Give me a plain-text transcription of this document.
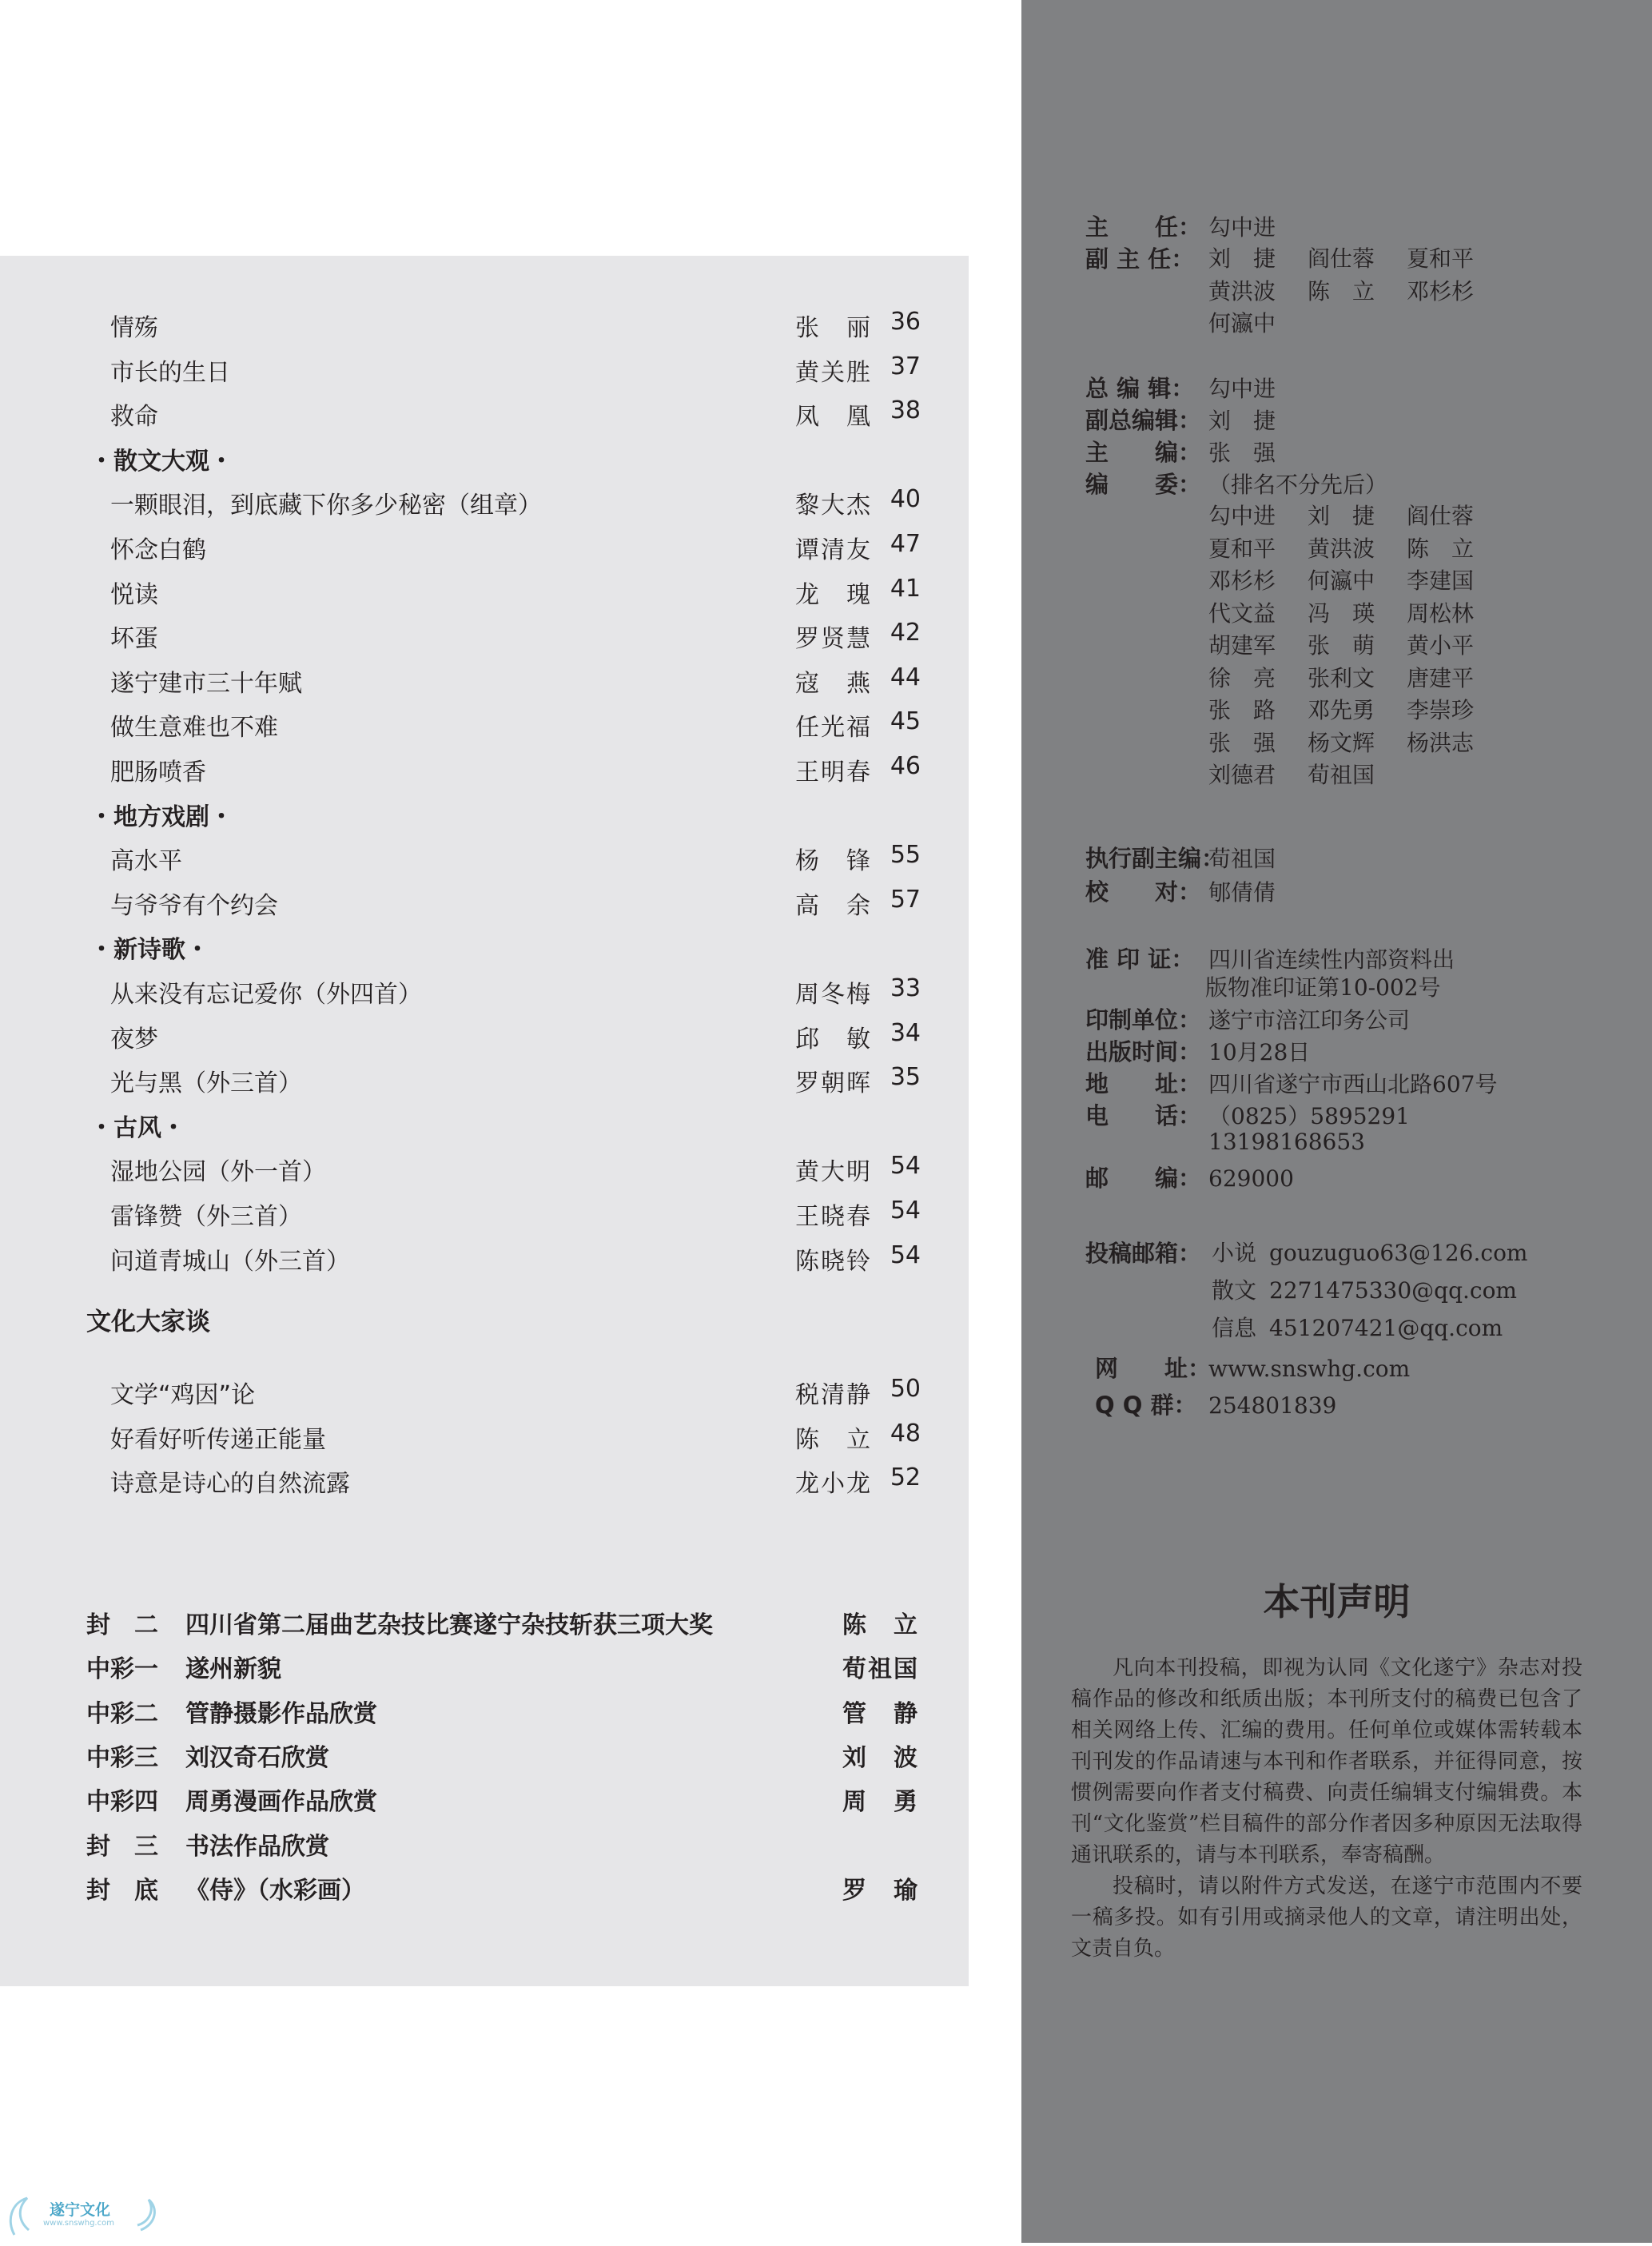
情殇	张　丽 36
市长的生日	黄关胜 37
救命	凤　凰 38
・散文大观・
一颗眼泪，到底藏下你多少秘密（组章）	黎大杰 40
怀念白鹤	谭清友 47
悦读	龙　瑰 41
坏蛋	罗贤慧 42
遂宁建市三十年赋	寇　燕 44
做生意难也不难	任光福 45
肥肠喷香	王明春 46
・地方戏剧・
高水平	杨　锋 55
与爷爷有个约会	高　余 57
・新诗歌・
从来没有忘记爱你（外四首）	周冬梅 33
夜梦	邱　敏 34
光与黑（外三首）	罗朝晖 35
・古风・
湿地公园（外一首）	黄大明 54
雷锋赞（外三首）	王晓春 54
问道青城山（外三首）	陈晓铃 54
文化大家谈
文学“鸡因”论	税清静 50
好看好听传递正能量	陈　立 48
诗意是诗心的自然流露	龙小龙 52
封　二 四川省第二届曲艺杂技比赛遂宁杂技斩获三项大奖	陈　立
中彩一 遂州新貌	荀祖国
中彩二 管静摄影作品欣赏	管　静
中彩三 刘汉奇石欣赏	刘　波
中彩四 周勇漫画作品欣赏	周　勇
封　三 书法作品欣赏
封　底 《侍》（水彩画）	罗　瑜
主　　任： 勾中进
副 主 任： 刘　捷 阎仕蓉 夏和平
黄洪波 陈　立 邓杉杉
何瀛中
总 编 辑： 勾中进
副总编辑： 刘　捷
主　　编： 张　强
编　　委： （排名不分先后）
勾中进 刘　捷 阎仕蓉
夏和平 黄洪波 陈　立
邓杉杉 何瀛中 李建国
代文益 冯　瑛 周松林
胡建军 张　萌 黄小平
徐　亮 张利文 唐建平
张　路 邓先勇 李崇珍
张　强 杨文辉 杨洪志
刘德君 荀祖国
执行副主编：荀祖国
校　　对： 郇倩倩
准 印 证： 四川省连续性内部资料出
版物准印证第10-002号
印制单位： 遂宁市涪江印务公司
出版时间： 10月28日
地　　址： 四川省遂宁市西山北路607号
电　　话： （0825）5895291
13198168653
邮　　编： 629000
投稿邮箱： 小说 gouzuguo63@126.com
散文 2271475330@qq.com
信息 451207421@qq.com
网　　址：www.snswhg.com
Q Q 群： 254801839
本刊声明

凡向本刊投稿，即视为认同《文化遂宁》杂志对投稿作品的修改和纸质出版；本刊所支付的稿费已包含了相关网络上传、汇编的费用。任何单位或媒体需转载本刊刊发的作品请速与本刊和作者联系，并征得同意，按惯例需要向作者支付稿费、向责任编辑支付编辑费。本刊“文化鉴赏”栏目稿件的部分作者因多种原因无法取得通讯联系的，请与本刊联系，奉寄稿酬。

投稿时，请以附件方式发送，在遂宁市范围内不要一稿多投。如有引用或摘录他人的文章，请注明出处，文责自负。

遂宁文化
www.snswhg.com
